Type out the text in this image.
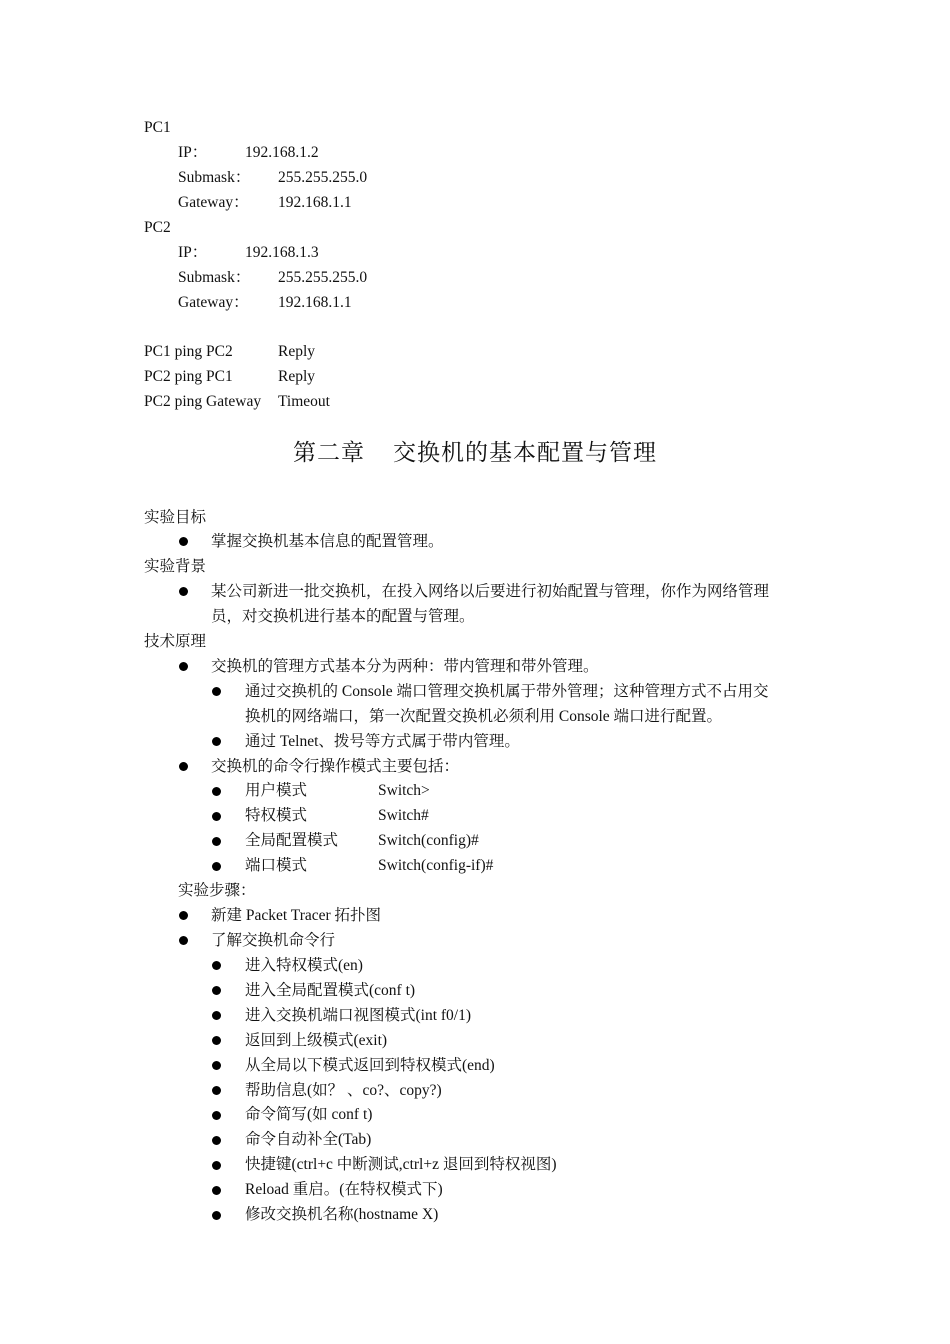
PC1
IP： 192.168.1.2
Submask： 255.255.255.0
Gateway： 192.168.1.1
PC2
IP： 192.168.1.3
Submask： 255.255.255.0
Gateway： 192.168.1.1
PC1 ping PC2	Reply
PC2 ping PC1	Reply
PC2 ping Gateway Timeout
第二章 交换机的基本配置与管理
实验目标
掌握交换机基本信息的配置管理。
实验背景
某公司新进一批交换机，在投入网络以后要进行初始配置与管理，你作为网络管理
员，对交换机进行基本的配置与管理。
技术原理
交换机的管理方式基本分为两种：带内管理和带外管理。
通过交换机的 Console 端口管理交换机属于带外管理；这种管理方式不占用交
换机的网络端口，第一次配置交换机必须利用 Console 端口进行配置。
通过 Telnet、拨号等方式属于带内管理。
交换机的命令行操作模式主要包括：
用户模式	Switch>
特权模式	Switch#
全局配置模式	Switch(config)#
端口模式	Switch(config-if)#
实验步骤：
新建 Packet Tracer 拓扑图
了解交换机命令行
进入特权模式(en)
进入全局配置模式(conf t)
进入交换机端口视图模式(int f0/1)
返回到上级模式(exit)
从全局以下模式返回到特权模式(end)
帮助信息(如？ 、co?、copy?)
命令简写(如 conf t)
命令自动补全(Tab)
快捷键(ctrl+c 中断测试,ctrl+z 退回到特权视图)
Reload 重启。(在特权模式下)
修改交换机名称(hostname X)
